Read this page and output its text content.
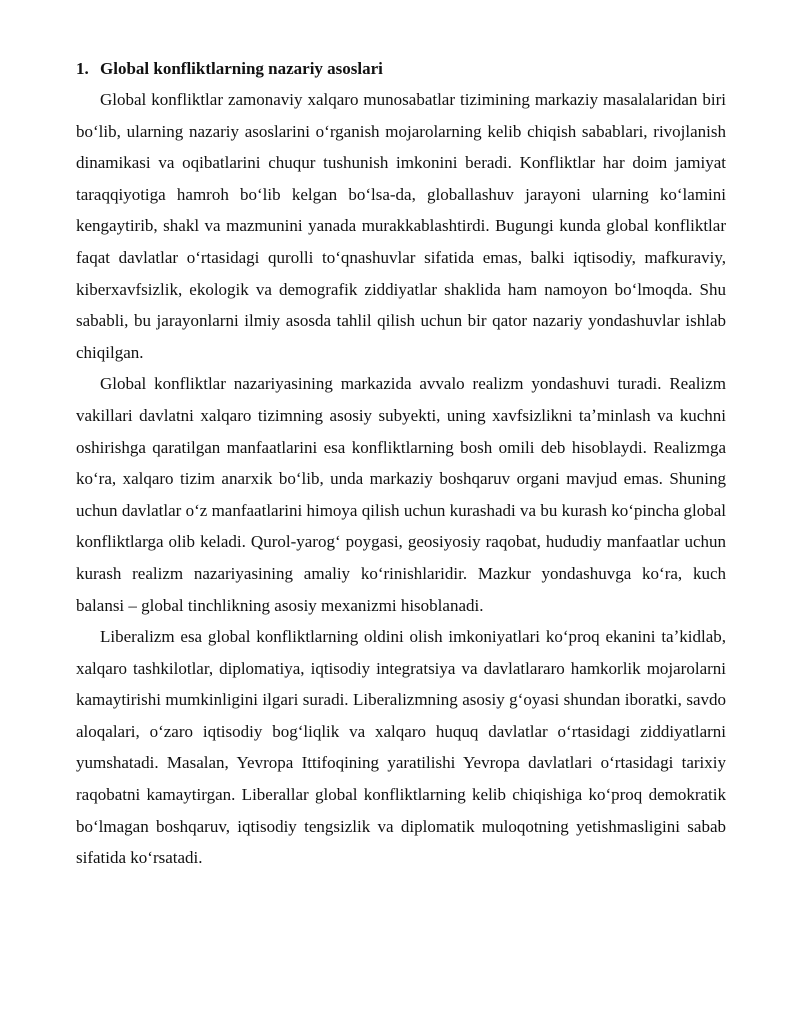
1. Global konfliktlarning nazariy asoslari

Global konfliktlar zamonaviy xalqaro munosabatlar tizimining markaziy masalalaridan biri boʻlib, ularning nazariy asoslarini oʻrganish mojarolarning kelib chiqish sabablari, rivojlanish dinamikasi va oqibatlarini chuqur tushunish imkonini beradi. Konfliktlar har doim jamiyat taraqqiyotiga hamroh boʻlib kelgan boʻlsa-da, globallashuv jarayoni ularning koʻlamini kengaytirib, shakl va mazmunini yanada murakkablashtirdi. Bugungi kunda global konfliktlar faqat davlatlar oʻrtasidagi qurolli toʻqnashuvlar sifatida emas, balki iqtisodiy, mafkuraviy, kiberxavfsizlik, ekologik va demografik ziddiyatlar shaklida ham namoyon boʻlmoqda. Shu sababli, bu jarayonlarni ilmiy asosda tahlil qilish uchun bir qator nazariy yondashuvlar ishlab chiqilgan.

Global konfliktlar nazariyasining markazida avvalo realizm yondashuvi turadi. Realizm vakillari davlatni xalqaro tizimning asosiy subyekti, uning xavfsizlikni taʼminlash va kuchni oshirishga qaratilgan manfaatlarini esa konfliktlarning bosh omili deb hisoblaydi. Realizmga koʻra, xalqaro tizim anarxik boʻlib, unda markaziy boshqaruv organi mavjud emas. Shuning uchun davlatlar oʻz manfaatlarini himoya qilish uchun kurashadi va bu kurash koʻpincha global konfliktlarga olib keladi. Qurol-yarogʻ poygasi, geosiyosiy raqobat, hududiy manfaatlar uchun kurash realizm nazariyasining amaliy koʻrinishlaridir. Mazkur yondashuvga koʻra, kuch balansi – global tinchlikning asosiy mexanizmi hisoblanadi.

Liberalizm esa global konfliktlarning oldini olish imkoniyatlari koʻproq ekanini taʼkidlab, xalqaro tashkilotlar, diplomatiya, iqtisodiy integratsiya va davlatlararo hamkorlik mojarolarni kamaytirishi mumkinligini ilgari suradi. Liberalizmning asosiy gʻoyasi shundan iboratki, savdo aloqalari, oʻzaro iqtisodiy bogʻliqlik va xalqaro huquq davlatlar oʻrtasidagi ziddiyatlarni yumshatadi. Masalan, Yevropa Ittifoqining yaratilishi Yevropa davlatlari oʻrtasidagi tarixiy raqobatni kamaytirgan. Liberallar global konfliktlarning kelib chiqishiga koʻproq demokratik boʻlmagan boshqaruv, iqtisodiy tengsizlik va diplomatik muloqotning yetishmasligini sabab sifatida koʻrsatadi.
